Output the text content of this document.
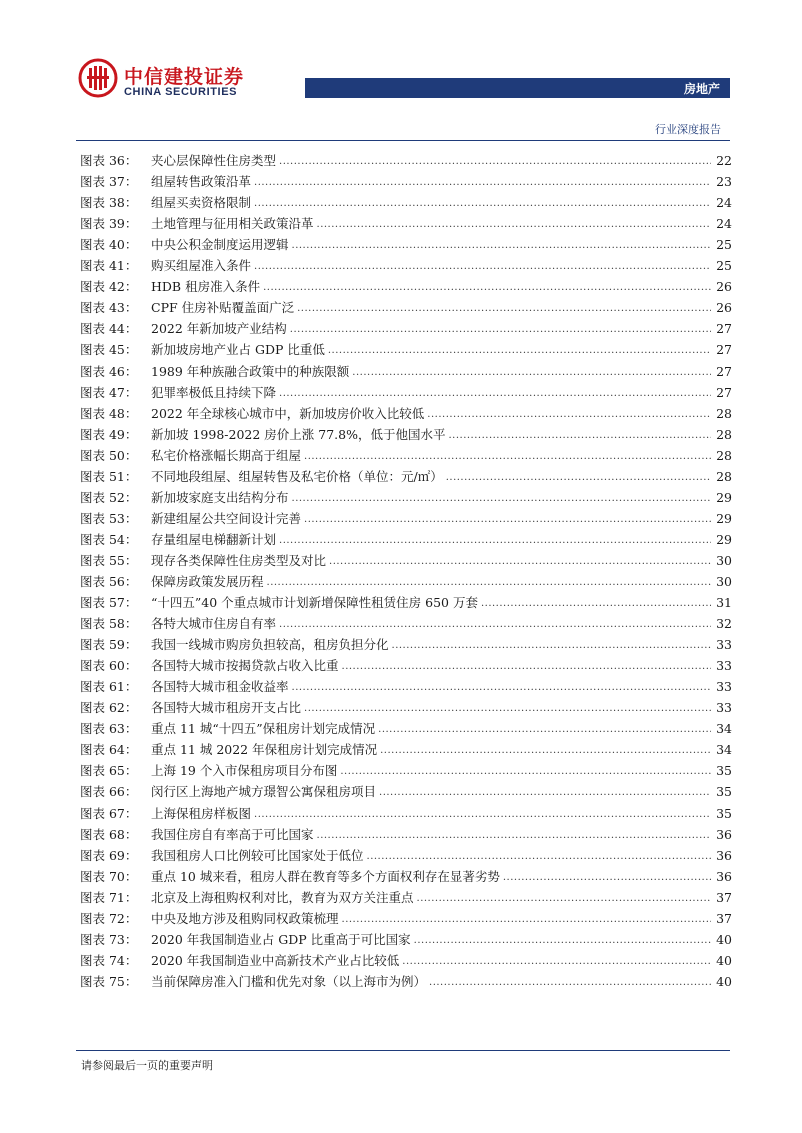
中信建投证券
CHINA SECURITIES	房地产
行业深度报告
图表 36：	夹心层保障性住房类型 .....	22
图表 37：	组屋转售政策沿革 .....	23
图表 38：	组屋买卖资格限制 .....	24
图表 39：	土地管理与征用相关政策沿革 .....	24
图表 40：	中央公积金制度运用逻辑 .....	25
图表 41：	购买组屋准入条件 .....	25
图表 42：	HDB 租房准入条件 .....	26
图表 43：	CPF 住房补贴覆盖面广泛 .....	26
图表 44：	2022 年新加坡产业结构 .....	27
图表 45：	新加坡房地产业占 GDP 比重低 .....	27
图表 46：	1989 年种族融合政策中的种族限额 .....	27
图表 47：	犯罪率极低且持续下降 .....	27
图表 48：	2022 年全球核心城市中，新加坡房价收入比较低 .....	28
图表 49：	新加坡 1998-2022 房价上涨 77.8%，低于他国水平 .....	28
图表 50：	私宅价格涨幅长期高于组屋 .....	28
图表 51：	不同地段组屋、组屋转售及私宅价格（单位：元/㎡） .....	28
图表 52：	新加坡家庭支出结构分布 .....	29
图表 53：	新建组屋公共空间设计完善 .....	29
图表 54：	存量组屋电梯翻新计划 .....	29
图表 55：	现存各类保障性住房类型及对比 .....	30
图表 56：	保障房政策发展历程 .....	30
图表 57：	“十四五”40 个重点城市计划新增保障性租赁住房 650 万套 .....	31
图表 58：	各特大城市住房自有率 .....	32
图表 59：	我国一线城市购房负担较高，租房负担分化 .....	33
图表 60：	各国特大城市按揭贷款占收入比重 .....	33
图表 61：	各国特大城市租金收益率 .....	33
图表 62：	各国特大城市租房开支占比 .....	33
图表 63：	重点 11 城“十四五”保租房计划完成情况 .....	34
图表 64：	重点 11 城 2022 年保租房计划完成情况 .....	34
图表 65：	上海 19 个入市保租房项目分布图 .....	35
图表 66：	闵行区上海地产城方璟智公寓保租房项目 .....	35
图表 67：	上海保租房样板图 .....	35
图表 68：	我国住房自有率高于可比国家 .....	36
图表 69：	我国租房人口比例较可比国家处于低位 .....	36
图表 70：	重点 10 城来看，租房人群在教育等多个方面权利存在显著劣势 .....	36
图表 71：	北京及上海租购权利对比，教育为双方关注重点 .....	37
图表 72：	中央及地方涉及租购同权政策梳理 .....	37
图表 73：	2020 年我国制造业占 GDP 比重高于可比国家 .....	40
图表 74：	2020 年我国制造业中高新技术产业占比较低 .....	40
图表 75：	当前保障房准入门槛和优先对象（以上海市为例） .....	40
请参阅最后一页的重要声明
